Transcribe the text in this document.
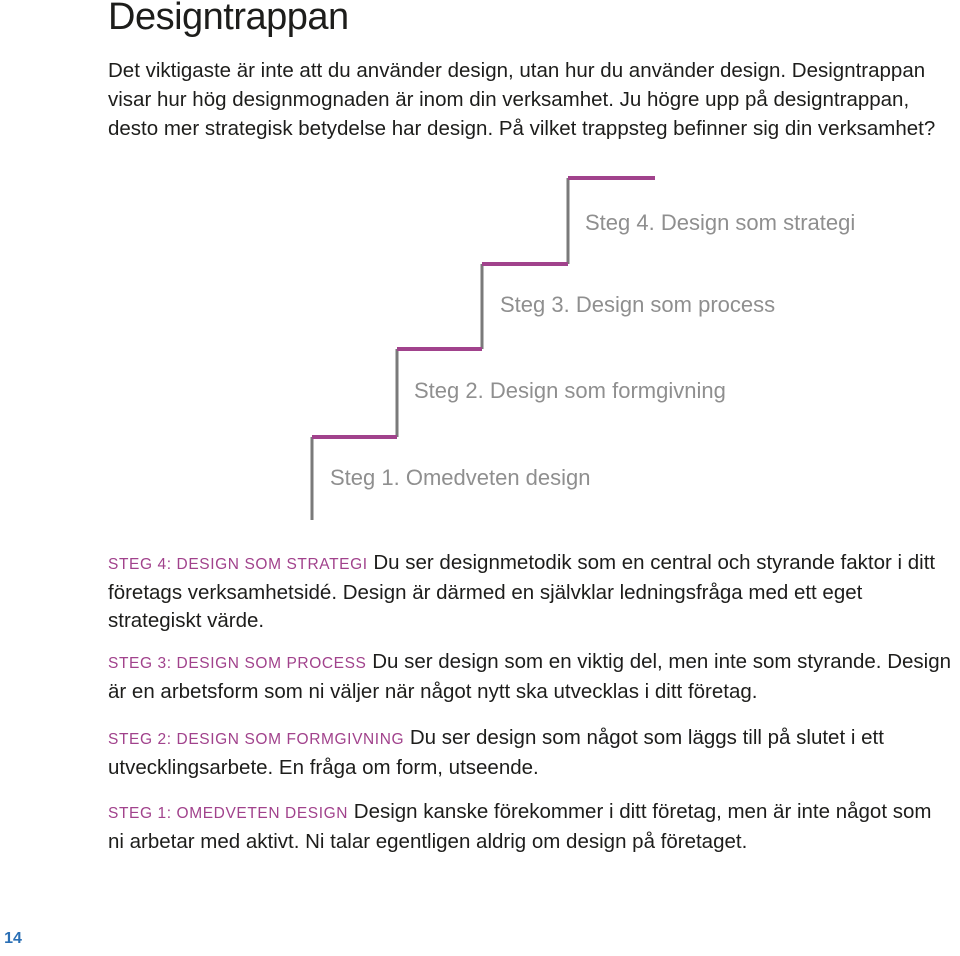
Designtrappan

Det viktigaste är inte att du använder design, utan hur du använder design. Designtrappan visar hur hög designmognaden är inom din verksamhet. Ju högre upp på designtrappan, desto mer strategisk betydelse har design. På vilket trappsteg befinner sig din verksamhet?

Steg 4. Design som strategi

Steg 3. Design som process

Steg 2. Design som formgivning

Steg 1. Omedveten design

STEG 4: DESIGN SOM STRATEGI Du ser designmetodik som en central och styrande faktor i ditt företags verksamhetsidé. Design är därmed en självklar ledningsfråga med ett eget strategiskt värde.

STEG 3: DESIGN SOM PROCESS Du ser design som en viktig del, men inte som styrande. Design är en arbetsform som ni väljer när något nytt ska utvecklas i ditt företag.

STEG 2: DESIGN SOM FORMGIVNING Du ser design som något som läggs till på slutet i ett utvecklingsarbete. En fråga om form, utseende.

STEG 1: OMEDVETEN DESIGN Design kanske förekommer i ditt företag, men är inte något som ni arbetar med aktivt. Ni talar egentligen aldrig om design på företaget.

14
